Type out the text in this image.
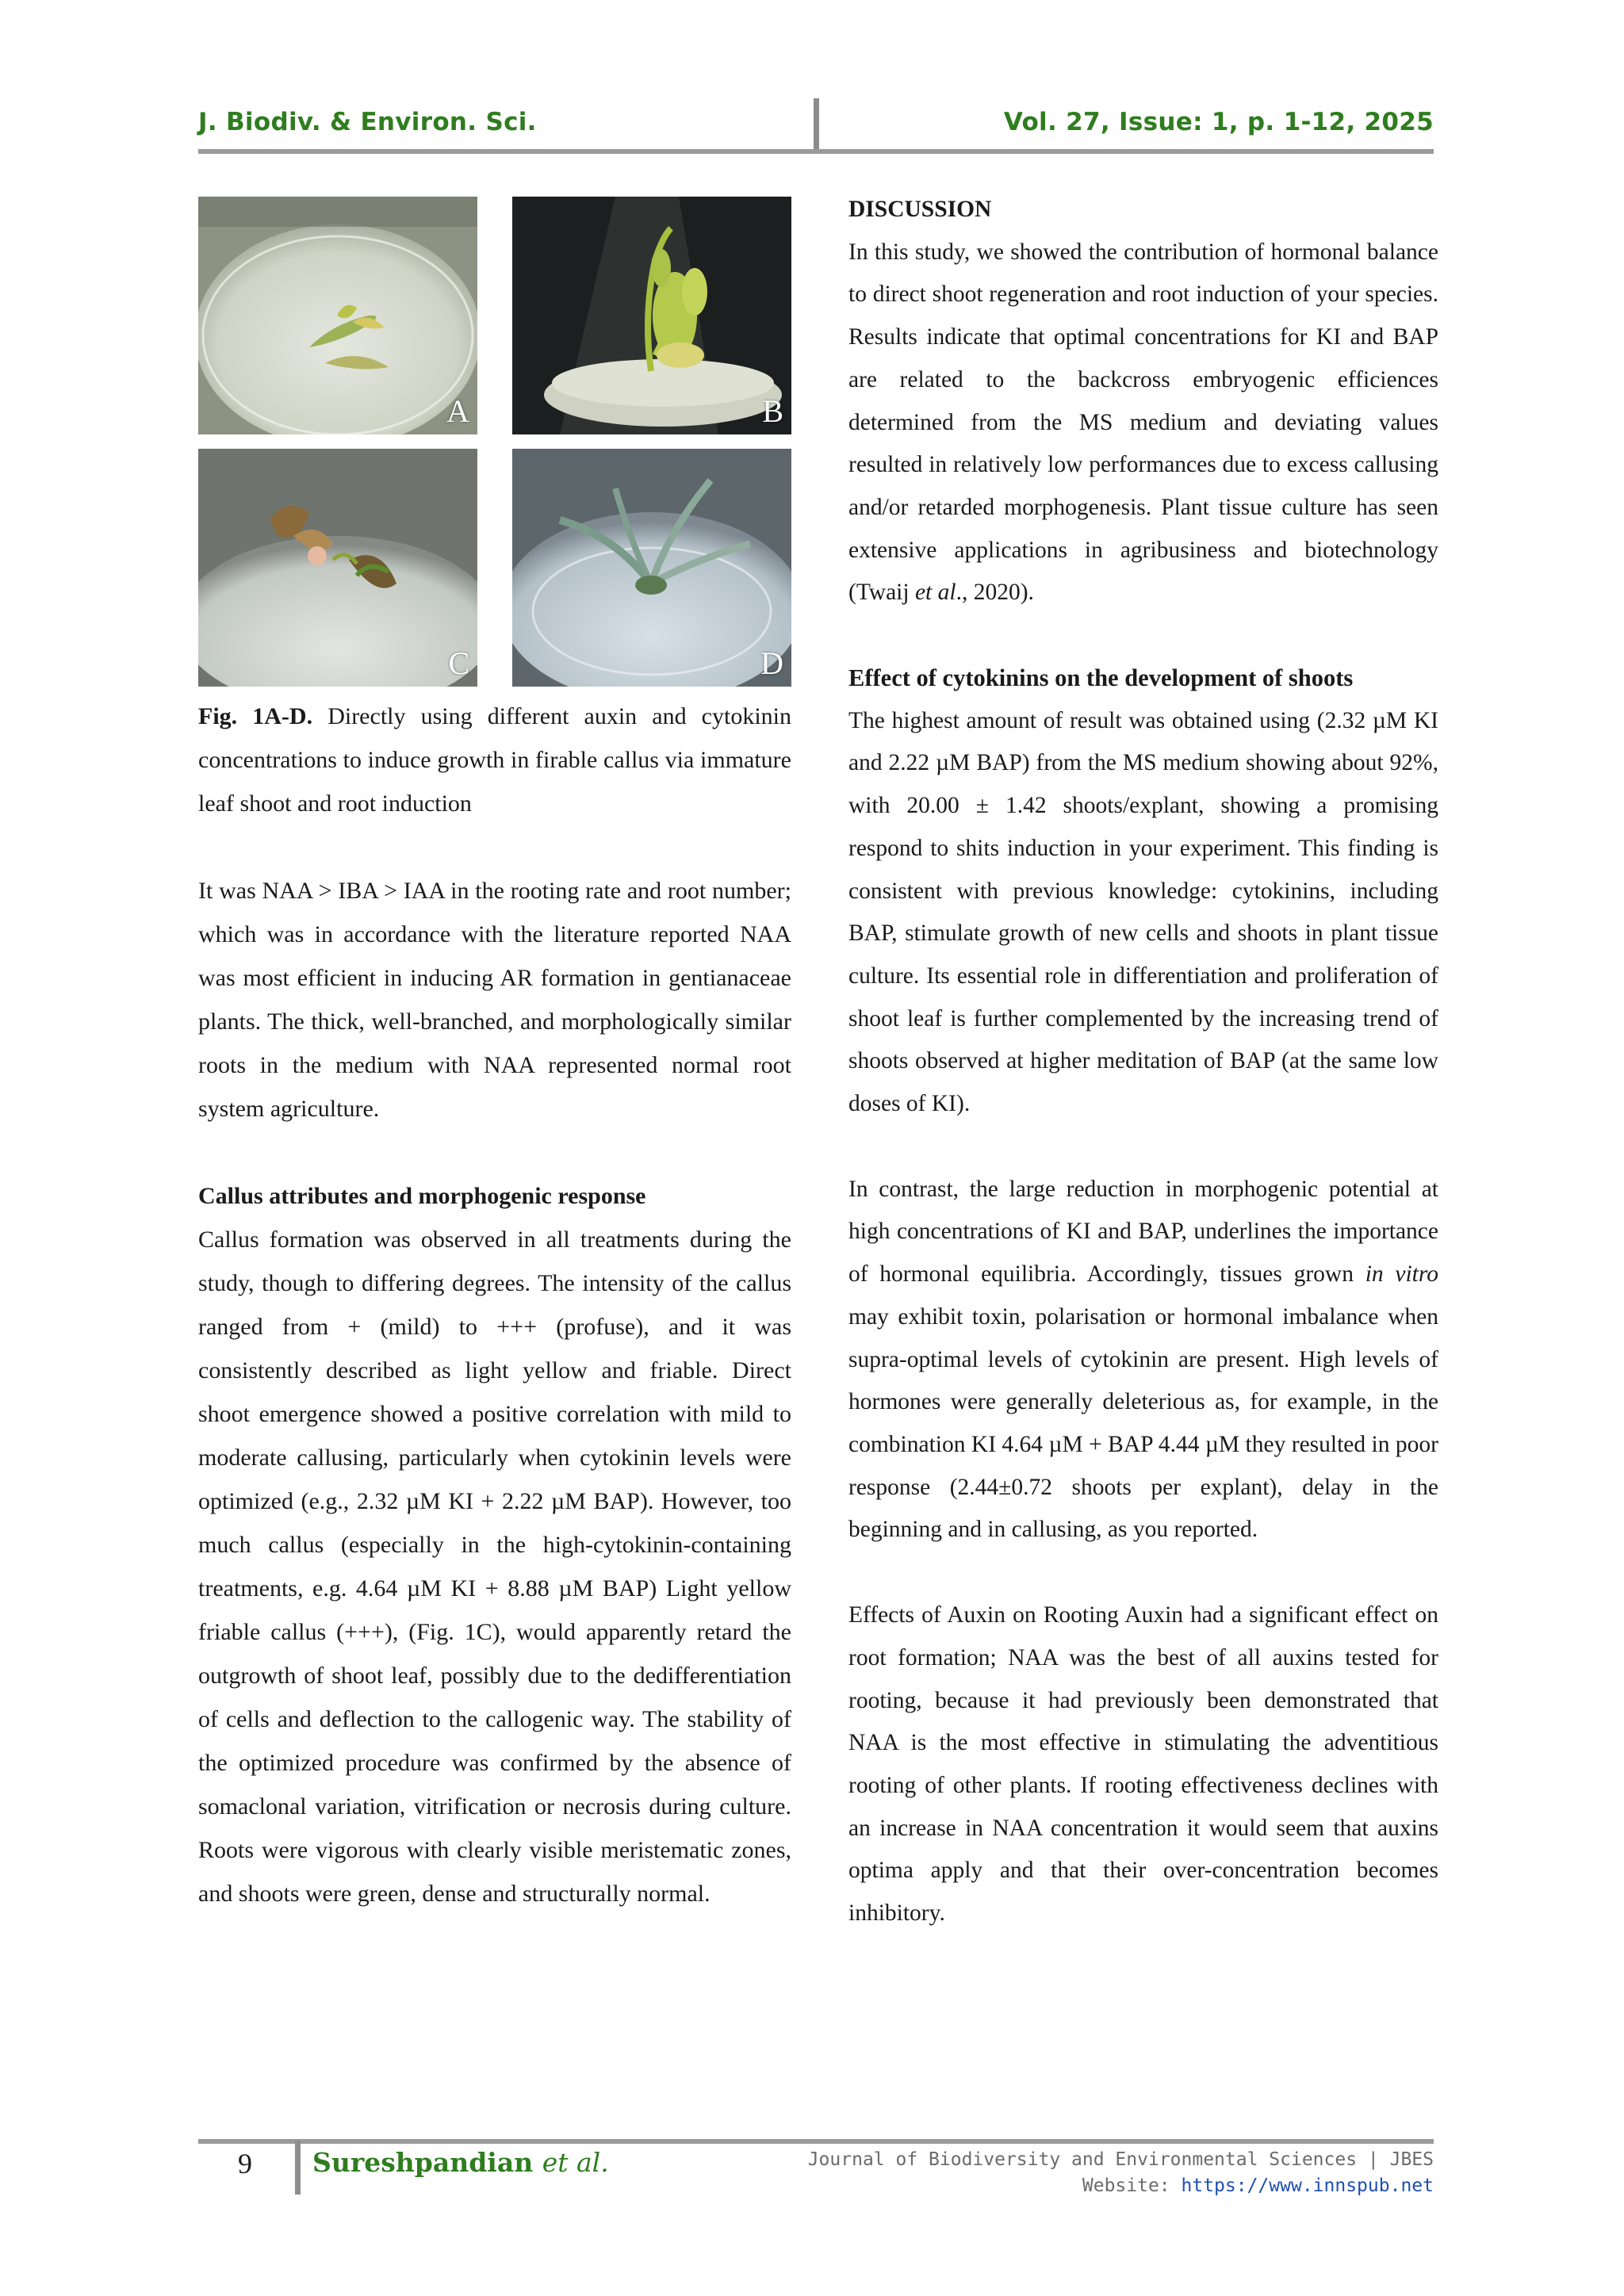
J. Biodiv. & Environ. Sci.	Vol. 27, Issue: 1, p. 1-12, 2025
A	B
C	D

Fig. 1A-D. Directly using different auxin and cytokinin concentrations to induce growth in firable callus via immature leaf shoot and root induction

It was NAA > IBA > IAA in the rooting rate and root number; which was in accordance with the literature reported NAA was most efficient in inducing AR formation in gentianaceae plants. The thick, well-branched, and morphologically similar roots in the medium with NAA represented normal root system agriculture.

Callus attributes and morphogenic response

Callus formation was observed in all treatments during the study, though to differing degrees. The intensity of the callus ranged from + (mild) to +++ (profuse), and it was consistently described as light yellow and friable. Direct shoot emergence showed a positive correlation with mild to moderate callusing, particularly when cytokinin levels were optimized (e.g., 2.32 µM KI + 2.22 µM BAP). However, too much callus (especially in the high-cytokinin-containing treatments, e.g. 4.64 µM KI + 8.88 µM BAP) Light yellow friable callus (+++), (Fig. 1C), would apparently retard the outgrowth of shoot leaf, possibly due to the dedifferentiation of cells and deflection to the callogenic way. The stability of the optimized procedure was confirmed by the absence of somaclonal variation, vitrification or necrosis during culture. Roots were vigorous with clearly visible meristematic zones, and shoots were green, dense and structurally normal.

DISCUSSION

In this study, we showed the contribution of hormonal balance to direct shoot regeneration and root induction of your species. Results indicate that optimal concentrations for KI and BAP are related to the backcross embryogenic efficiences determined from the MS medium and deviating values resulted in relatively low performances due to excess callusing and/or retarded morphogenesis. Plant tissue culture has seen extensive applications in agribusiness and biotechnology (Twaij et al., 2020).

Effect of cytokinins on the development of shoots

The highest amount of result was obtained using (2.32 µM KI and 2.22 µM BAP) from the MS medium showing about 92%, with 20.00 ± 1.42 shoots/explant, showing a promising respond to shits induction in your experiment. This finding is consistent with previous knowledge: cytokinins, including BAP, stimulate growth of new cells and shoots in plant tissue culture. Its essential role in differentiation and proliferation of shoot leaf is further complemented by the increasing trend of shoots observed at higher meditation of BAP (at the same low doses of KI).

In contrast, the large reduction in morphogenic potential at high concentrations of KI and BAP, underlines the importance of hormonal equilibria. Accordingly, tissues grown in vitro may exhibit toxin, polarisation or hormonal imbalance when supra-optimal levels of cytokinin are present. High levels of hormones were generally deleterious as, for example, in the combination KI 4.64 µM + BAP 4.44 µM they resulted in poor response (2.44±0.72 shoots per explant), delay in the beginning and in callusing, as you reported.

Effects of Auxin on Rooting Auxin had a significant effect on root formation; NAA was the best of all auxins tested for rooting, because it had previously been demonstrated that NAA is the most effective in stimulating the adventitious rooting of other plants. If rooting effectiveness declines with an increase in NAA concentration it would seem that auxins optima apply and that their over-concentration becomes inhibitory.

9 Sureshpandian et al.	Journal of Biodiversity and Environmental Sciences | JBES
Website: https://www.innspub.net
